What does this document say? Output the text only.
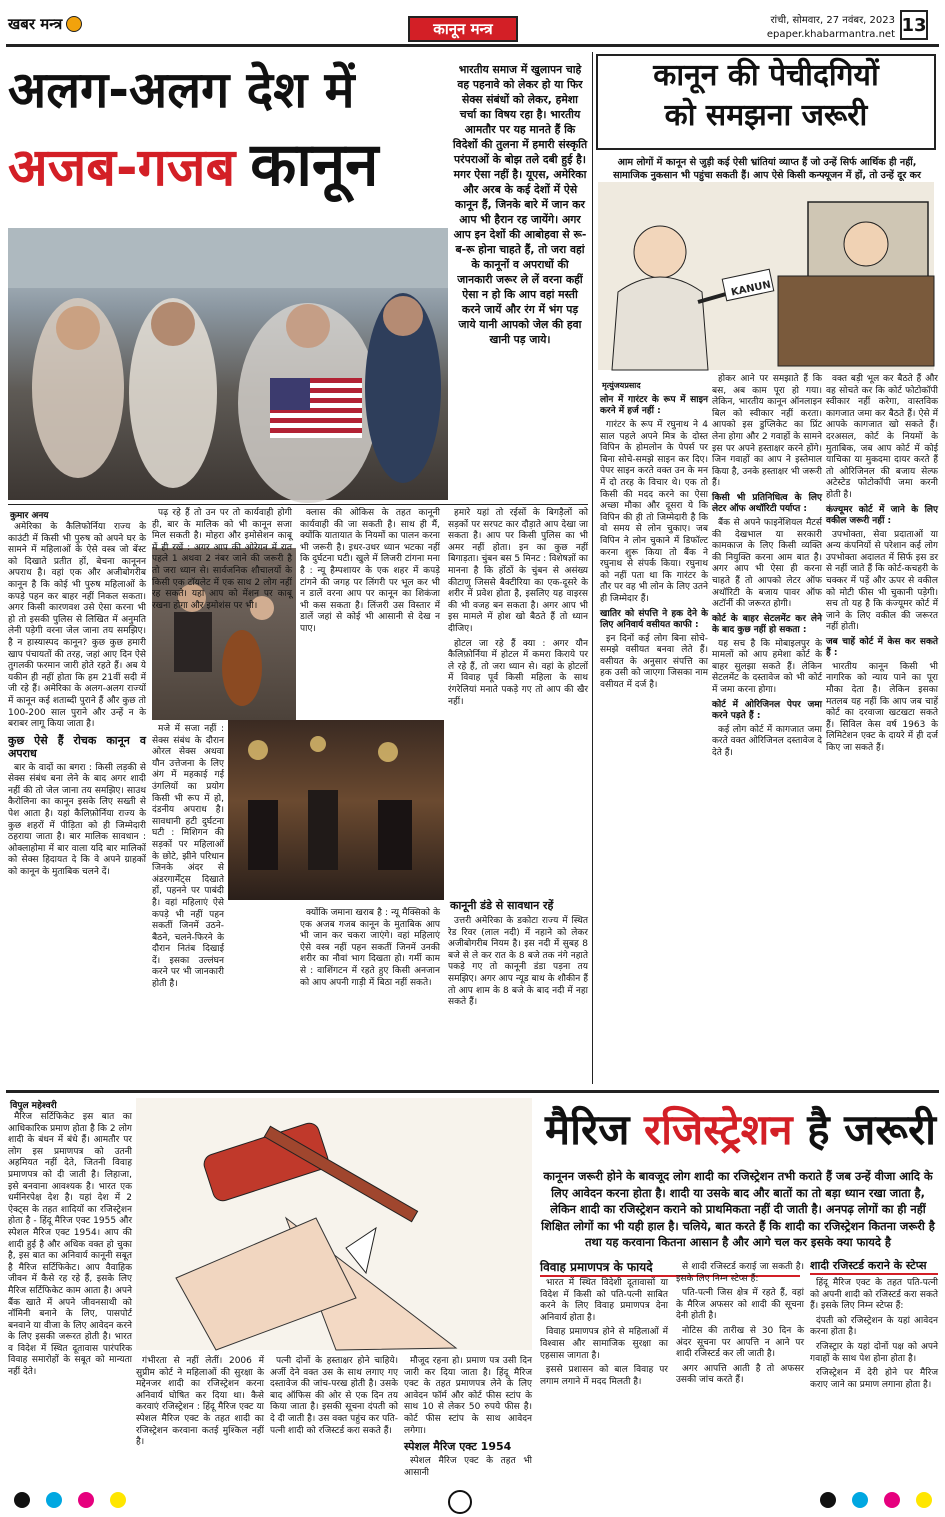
खबर मन्त्र	कानून मन्त्र	रांची, सोमवार, 27 नवंबर, 2023
epaper.khabarmantra.net 13
अलग-अलग देश में
अजब-गजब कानून
भारतीय समाज में खुलापन चाहे वह पहनावे को लेकर हो या फिर सेक्स संबंधों को लेकर, हमेशा चर्चा का विषय रहा है। भारतीय आमतौर पर यह मानते हैं कि विदेशों की तुलना में हमारी संस्कृति परंपराओं के बोझ तले दबी हुई है। मगर ऐसा नहीं है। यूएस, अमेरिका और अरब के कई देशों में ऐसे कानून हैं, जिनके बारे में जान कर आप भी हैरान रह जायेंगे। अगर आप इन देशों की आबोहवा से रू-ब-रू होना चाहते हैं, तो जरा वहां के कानूनों व अपराधों की जानकारी जरूर ले लें वरना कहीं ऐसा न हो कि आप वहां मस्ती करने जायें और रंग में भंग पड़ जाये यानी आपको जेल की हवा खानी पड़ जाये।
कुमार अनय

अमेरिका के कैलिफोर्निया राज्य के काउंटी में किसी भी पुरुष को अपने घर के सामने में महिलाओं के ऐसे वस्त्र जो बेंस्ट को दिखाते प्रतीत हों, बेचना कानूनन अपराध है। वहां एक और अजीबोगरीब कानून है कि कोई भी पुरुष महिलाओं के कपड़े पहन कर बाहर नहीं निकल सकता। अगर किसी कारणवश उसे ऐसा करना भी हो तो इसकी पुलिस से लिखित में अनुमति लेनी पड़ेगी वरना जेल जाना तय समझिए। है न हास्यास्पद कानून? कुछ कुछ हमारी खाप पंचायतों की तरह, जहां आए दिन ऐसे तुगलकी फरमान जारी होते रहते हैं। अब ये यकीन ही नहीं होता कि हम 21वीं सदी में जी रहे हैं। अमेरिका के अलग-अलग राज्यों में कानून कई शताब्दी पुराने हैं और कुछ तो 100-200 साल पुराने और उन्हें न के बराबर लागू किया जाता है।

कुछ ऐसे हैं रोचक कानून व अपराध

बार के वादों का बगरा : किसी लड़की से सेक्स संबंध बना लेने के बाद अगर शादी नहीं की तो जेल जाना तय समझिए। साउथ कैरोलिना का कानून इसके लिए सख्ती से पेश आता है। यहां कैलिफ़ोर्निया राज्य के कुछ शहरों में पीड़िता को ही जिम्मेदारी ठहराया जाता है। बार मालिक सावधान : ओक्लाहोमा में बार वाला यदि बार मालिकों को सेक्स हिदायत दे कि वे अपने ग्राहकों को कानून के मुताबिक चलने दें।

पढ़ रहे हैं तो उन पर तो कार्यवाही होगी ही, बार के मालिक को भी कानून सजा मिल सकती है। मोहरा और इमोसेशन काबू में ही रखें : अगर आप की ओरेगन में रात पहले 1 अथवा 2 नंबर जाने की जरूरी है तो जरा ध्यान से। सार्वजनिक शौचालयों के किसी एक टॉयलेट में एक साथ 2 लोग नहीं रह सकते। यहां आप को मेंशन पर काबू रखना होगा और इमोशंस पर भी।

मजे में सजा नहीं : सेक्स संबंध के दौरान ओरल सेक्स अथवा यौन उत्तेजना के लिए अंग में महकाई गई उंगलियों का प्रयोग किसी भी रूप में हो, दंडनीय अपराध है। सावधानी हटी दुर्घटना घटी : मिशिगन की सड़कों पर महिलाओं के छोटे, झीने परिधान जिनके अंदर से अंडरगार्मेंट्स दिखाते हों, पहनने पर पाबंदी है। वहां महिलाएं ऐसे कपड़े भी नहीं पहन सकतीं जिनमें उठने-बैठने, चलने-फिरने के दौरान नितंब दिखाई दें। इसका उल्लंघन करने पर भी जानकारी होती है।

क्लास की ओकिस के तहत कानूनी कार्यवाही की जा सकती है। साथ ही मैं, क्योंकि यातायात के नियमों का पालन करना भी जरूरी है। इधर-उधर ध्यान भटका नहीं कि दुर्घटना घटी। खुले में लिजरी टांगना मना है : न्यू हैम्पशायर के एक शहर में कपड़े टांगने की जगह पर लिंगरी पर भूल कर भी न डालें वरना आप पर कानून का शिकंजा भी कस सकता है। लिंजरी उस विस्तार में डालें जहां से कोई भी आसानी से देख न पाए।

क्योंकि जमाना खराब है : न्यू मैक्सिको के एक अजब गजब कानून के मुताबिक आप भी जान कर चकरा जाएंगे। वहां महिलाएं ऐसे वस्त्र नहीं पहन सकतीं जिनमें उनकी शरीर का नौवां भाग दिखता हो। गर्मी काम से : वाशिंगटन में रहते हुए किसी अनजान को आप अपनी गाड़ी में बिठा नहीं सकते।

हमारे यहां तो रईसों के बिगड़ैलों को सड़कों पर सरपट कार दौड़ाते आप देखा जा सकता है। आप पर किसी पुलिस का भी अमर नहीं होता। इन का कुछ नहीं बिगाड़ता। चुंबन बस 5 मिनट : विशेषज्ञों का मानना है कि होंठों के चुंबन से असंख्य कीटाणु जिससे बैक्टीरिया का एक-दूसरे के शरीर में प्रवेश होता है, इसलिए यह वाइरस की भी वजह बन सकता है। अगर आप भी इस मामले में होश खो बैठते हैं तो ध्यान दीजिए।

होटल जा रहे हैं क्या : अगर यौन कैलिफ़ोर्निया में होटल में कमरा किराये पर ले रहे हैं, तो जरा ध्यान से। वहां के होटलों में विवाह पूर्व किसी महिला के साथ रंगरेलियां मनाते पकड़े गए तो आप की खैर नहीं।

कानूनी डंडे से सावधान रहें

उत्तरी अमेरिका के डकोटा राज्य में स्थित रेड रिवर (लाल नदी) में नहाने को लेकर अजीबोगरीब नियम है। इस नदी में सुबह 8 बजे से ले कर रात के 8 बजे तक नंगे नहाते पकड़े गए तो कानूनी डंडा पड़ना तय समझिए। अगर आप न्यूड बाथ के शौकीन हैं तो आप शाम के 8 बजे के बाद नदी में नहा सकते हैं।

कानून की पेचीदगियों
को समझना जरूरी
आम लोगों में कानून से जुड़ी कई ऐसी भ्रांतियां व्याप्त हैं जो उन्हें सिर्फ आर्थिक ही नहीं, सामाजिक नुकसान भी पहुंचा सकती हैं। आप ऐसे किसी कन्फ्यूजन में हों, तो उन्हें दूर कर
KANUN
मृत्युंजयप्रसाद
लोन में गारंटर के रूप में साइन करने में हर्ज नहीं :

गारंटर के रूप में रघुनाथ ने 4 साल पहले अपने मित्र के दोस्त विपिन के होमलोन के पेपर्स पर बिना सोचे-समझे साइन कर दिए। पेपर साइन करते वक्त उन के मन में दो तरह के विचार थे। एक तो किसी की मदद करने का ऐसा अच्छा मौका और दूसरा ये कि विपिन की ही तो जिम्मेदारी है कि वो समय से लोन चुकाए। जब विपिन ने लोन चुकाने में डिफॉल्ट करना शुरू किया तो बैंक ने रघुनाथ से संपर्क किया। रघुनाथ को नहीं पता था कि गारंटर के तौर पर वह भी लोन के लिए उतने ही जिम्मेदार हैं।

खातिर को संपत्ति ने हक देने के लिए अनिवार्य वसीयत काफी :

इन दिनों कई लोग बिना सोचे-समझे वसीयत बनवा लेते हैं। वसीयत के अनुसार संपत्ति का हक उसी को जाएगा जिसका नाम वसीयत में दर्ज है।

होकर आने पर समझाते हैं कि बस, अब काम पूरा हो गया। लेकिन, भारतीय कानून ऑनलाइन बिल को स्वीकार नहीं करता। आपको इस डुप्लिकेट का प्रिंट लेना होगा और 2 गवाहों के सामने इस पर अपने हस्ताक्षर करने होंगे। जिन गवाहों का आप ने इस्तेमाल किया है, उनके हस्ताक्षर भी जरूरी हैं।

किसी भी प्रतिनिधित्व के लिए लेटर ऑफ अथॉरिटी पर्याप्त :

बैंक से अपने फाइनेंशियल मैटर्स की देखभाल या सरकारी कामकाज के लिए किसी व्यक्ति की नियुक्ति करना आम बात है। अगर आप भी ऐसा ही करना चाहते हैं तो आपको लेटर ऑफ अथॉरिटी के बजाय पावर ऑफ अटॉर्नी की जरूरत होगी।

कोर्ट के बाहर सेटलमेंट कर लेने के बाद कुछ नहीं हो सकता :

यह सच है कि मोबाइलपुर के मामलों को आप हमेशा कोर्ट के बाहर सुलझा सकते हैं। लेकिन सेटलमेंट के दस्तावेज को भी कोर्ट में जमा करना होगा।

कोर्ट में ओरिजिनल पेपर जमा करने पड़ते हैं :

कई लोग कोर्ट में कागजात जमा करते वक्त ओरिजिनल दस्तावेज दे देते हैं।

वक्त बड़ी भूल कर बैठते हैं और वह सोचते कर कि कोर्ट फोटोकॉपी स्वीकार नहीं करेगा, वास्तविक कागजात जमा कर बैठते हैं। ऐसे में आपके कागजात खो सकते हैं। दरअसल, कोर्ट के नियमों के मुताबिक, जब आप कोर्ट में कोई याचिका या मुकदमा दायर करते हैं तो ओरिजिनल की बजाय सेल्फ अटेस्टेड फोटोकॉपी जमा करनी होती है।

कंज्यूमर कोर्ट में जाने के लिए वकील जरूरी नहीं :

उपभोक्ता, सेवा प्रदाताओं या अन्य कंपनियों से परेशान कई लोग उपभोक्ता अदालत में सिर्फ इस डर से नहीं जाते हैं कि कोर्ट-कचहरी के चक्कर में पड़ें और ऊपर से वकील को मोटी फीस भी चुकानी पड़ेगी। सच तो यह है कि कंज्यूमर कोर्ट में जाने के लिए वकील की जरूरत नहीं होती।

जब चाहें कोर्ट में केस कर सकते हैं :

भारतीय कानून किसी भी नागरिक को न्याय पाने का पूरा मौका देता है। लेकिन इसका मतलब यह नहीं कि आप जब चाहें कोर्ट का दरवाजा खटखटा सकते हैं। सिविल केस वर्ष 1963 के लिमिटेशन एक्ट के दायरे में ही दर्ज किए जा सकते हैं।

विपुल महेश्वरी

मैरिज सर्टिफिकेट इस बात का आधिकारिक प्रमाण होता है कि 2 लोग शादी के बंधन में बंधे हैं। आमतौर पर लोग इस प्रमाणपत्र को उतनी अहमियत नहीं देते, जितनी विवाह प्रमाणपत्र को दी जाती है। लिहाजा, इसे बनवाना आवश्यक है। भारत एक धर्मनिरपेक्ष देश है। यहां देश में 2 ऐक्ट्स के तहत शादियों का रजिस्ट्रेशन होता है - हिंदू मैरिज एक्ट 1955 और स्पेशल मैरिज एक्ट 1954। आप की शादी हुई है और अधिक वक्त हो चुका है, इस बात का अनिवार्य कानूनी सबूत है मैरिज सर्टिफिकेट। आप वैवाहिक जीवन में कैसे रह रहे हैं, इसके लिए मैरिज सर्टिफिकेट काम आता है। अपने बैंक खाते में अपने जीवनसाथी को नॉमिनी बनाने के लिए, पासपोर्ट बनवाने या वीजा के लिए आवेदन करने के लिए इसकी जरूरत होती है। भारत व विदेश में स्थित दूतावास पारंपरिक विवाह समारोहों के सबूत को मान्यता नहीं देते।

मैरिज रजिस्ट्रेशन है जरूरी
कानूनन जरूरी होने के बावजूद लोग शादी का रजिस्ट्रेशन तभी कराते हैं जब उन्हें वीजा आदि के लिए आवेदन करना होता है। शादी या उसके बाद और बातों का तो बड़ा ध्यान रखा जाता है, लेकिन शादी का रजिस्ट्रेशन कराने को प्राथमिकता नहीं दी जाती है। अनपढ़ लोगों का ही नहीं शिक्षित लोगों का भी यही हाल है। चलिये, बात करते हैं कि शादी का रजिस्ट्रेशन कितना जरूरी है तथा यह करवाना कितना आसान है और आगे चल कर इसके क्या फायदे है
विवाह प्रमाणपत्र के फायदे

भारत में स्थित विदेशी दूतावासों या विदेश में किसी को पति-पत्नी साबित करने के लिए विवाह प्रमाणपत्र देना अनिवार्य होता है।

विवाह प्रमाणपत्र होने से महिलाओं में विश्वास और सामाजिक सुरक्षा का एहसास जागता है।

इससे प्रशासन को बाल विवाह पर लगाम लगाने में मदद मिलती है।

से शादी रजिस्टर्ड कराई जा सकती है। इसके लिए निम्न स्टेप्स हैं:

पति-पत्नी जिस क्षेत्र में रहते हैं, वहां के मैरिज अफसर को शादी की सूचना देनी होती है।

नोटिस की तारीख से 30 दिन के अंदर सूचना पर आपत्ति न आने पर शादी रजिस्टर्ड कर ली जाती है।

अगर आपत्ति आती है तो अफसर उसकी जांच करते हैं।

शादी रजिस्टर्ड कराने के स्टेप्स

हिंदू मैरिज एक्ट के तहत पति-पत्नी को अपनी शादी को रजिस्टर्ड करा सकते हैं। इसके लिए निम्न स्टेप्स हैं:

दंपती को रजिस्ट्रेशन के यहां आवेदन करना होता है।

रजिस्ट्रार के यहां दोनों पक्ष को अपने गवाहों के साथ पेश होना होता है।

रजिस्ट्रेशन में देरी होने पर मैरिज कराए जाने का प्रमाण लगाना होता है।

गंभीरता से नहीं लेतीं। 2006 में सुप्रीम कोर्ट ने महिलाओं की सुरक्षा के मद्देनजर शादी का रजिस्ट्रेशन करना अनिवार्य घोषित कर दिया था। कैसे करवाएं रजिस्ट्रेशन : हिंदू मैरिज एक्ट या स्पेशल मैरिज एक्ट के तहत शादी का रजिस्ट्रेशन करवाना कतई मुश्किल नहीं है।

पत्नी दोनों के हस्ताक्षर होने चाहिये। अर्जी देने वक्त उस के साथ लगाए गए दस्तावेज की जांच-परख होती है। उसके बाद ऑफिस की ओर से एक दिन तय किया जाता है। इसकी सूचना दंपती को दे दी जाती है। उस वक्त पहुंच कर पति-पत्नी शादी को रजिस्टर्ड करा सकते हैं।

मौजूद रहना हो। प्रमाण पत्र उसी दिन जारी कर दिया जाता है। हिंदू मैरिज एक्ट के तहत प्रमाणपत्र लेने के लिए आवेदन फॉर्म और कोर्ट फीस स्टांप के साथ 10 से लेकर 50 रुपये फीस है। कोर्ट फीस स्टांप के साथ आवेदन लगेगा।

स्पेशल मैरिज एक्ट 1954

स्पेशल मैरिज एक्ट के तहत भी आसानी
